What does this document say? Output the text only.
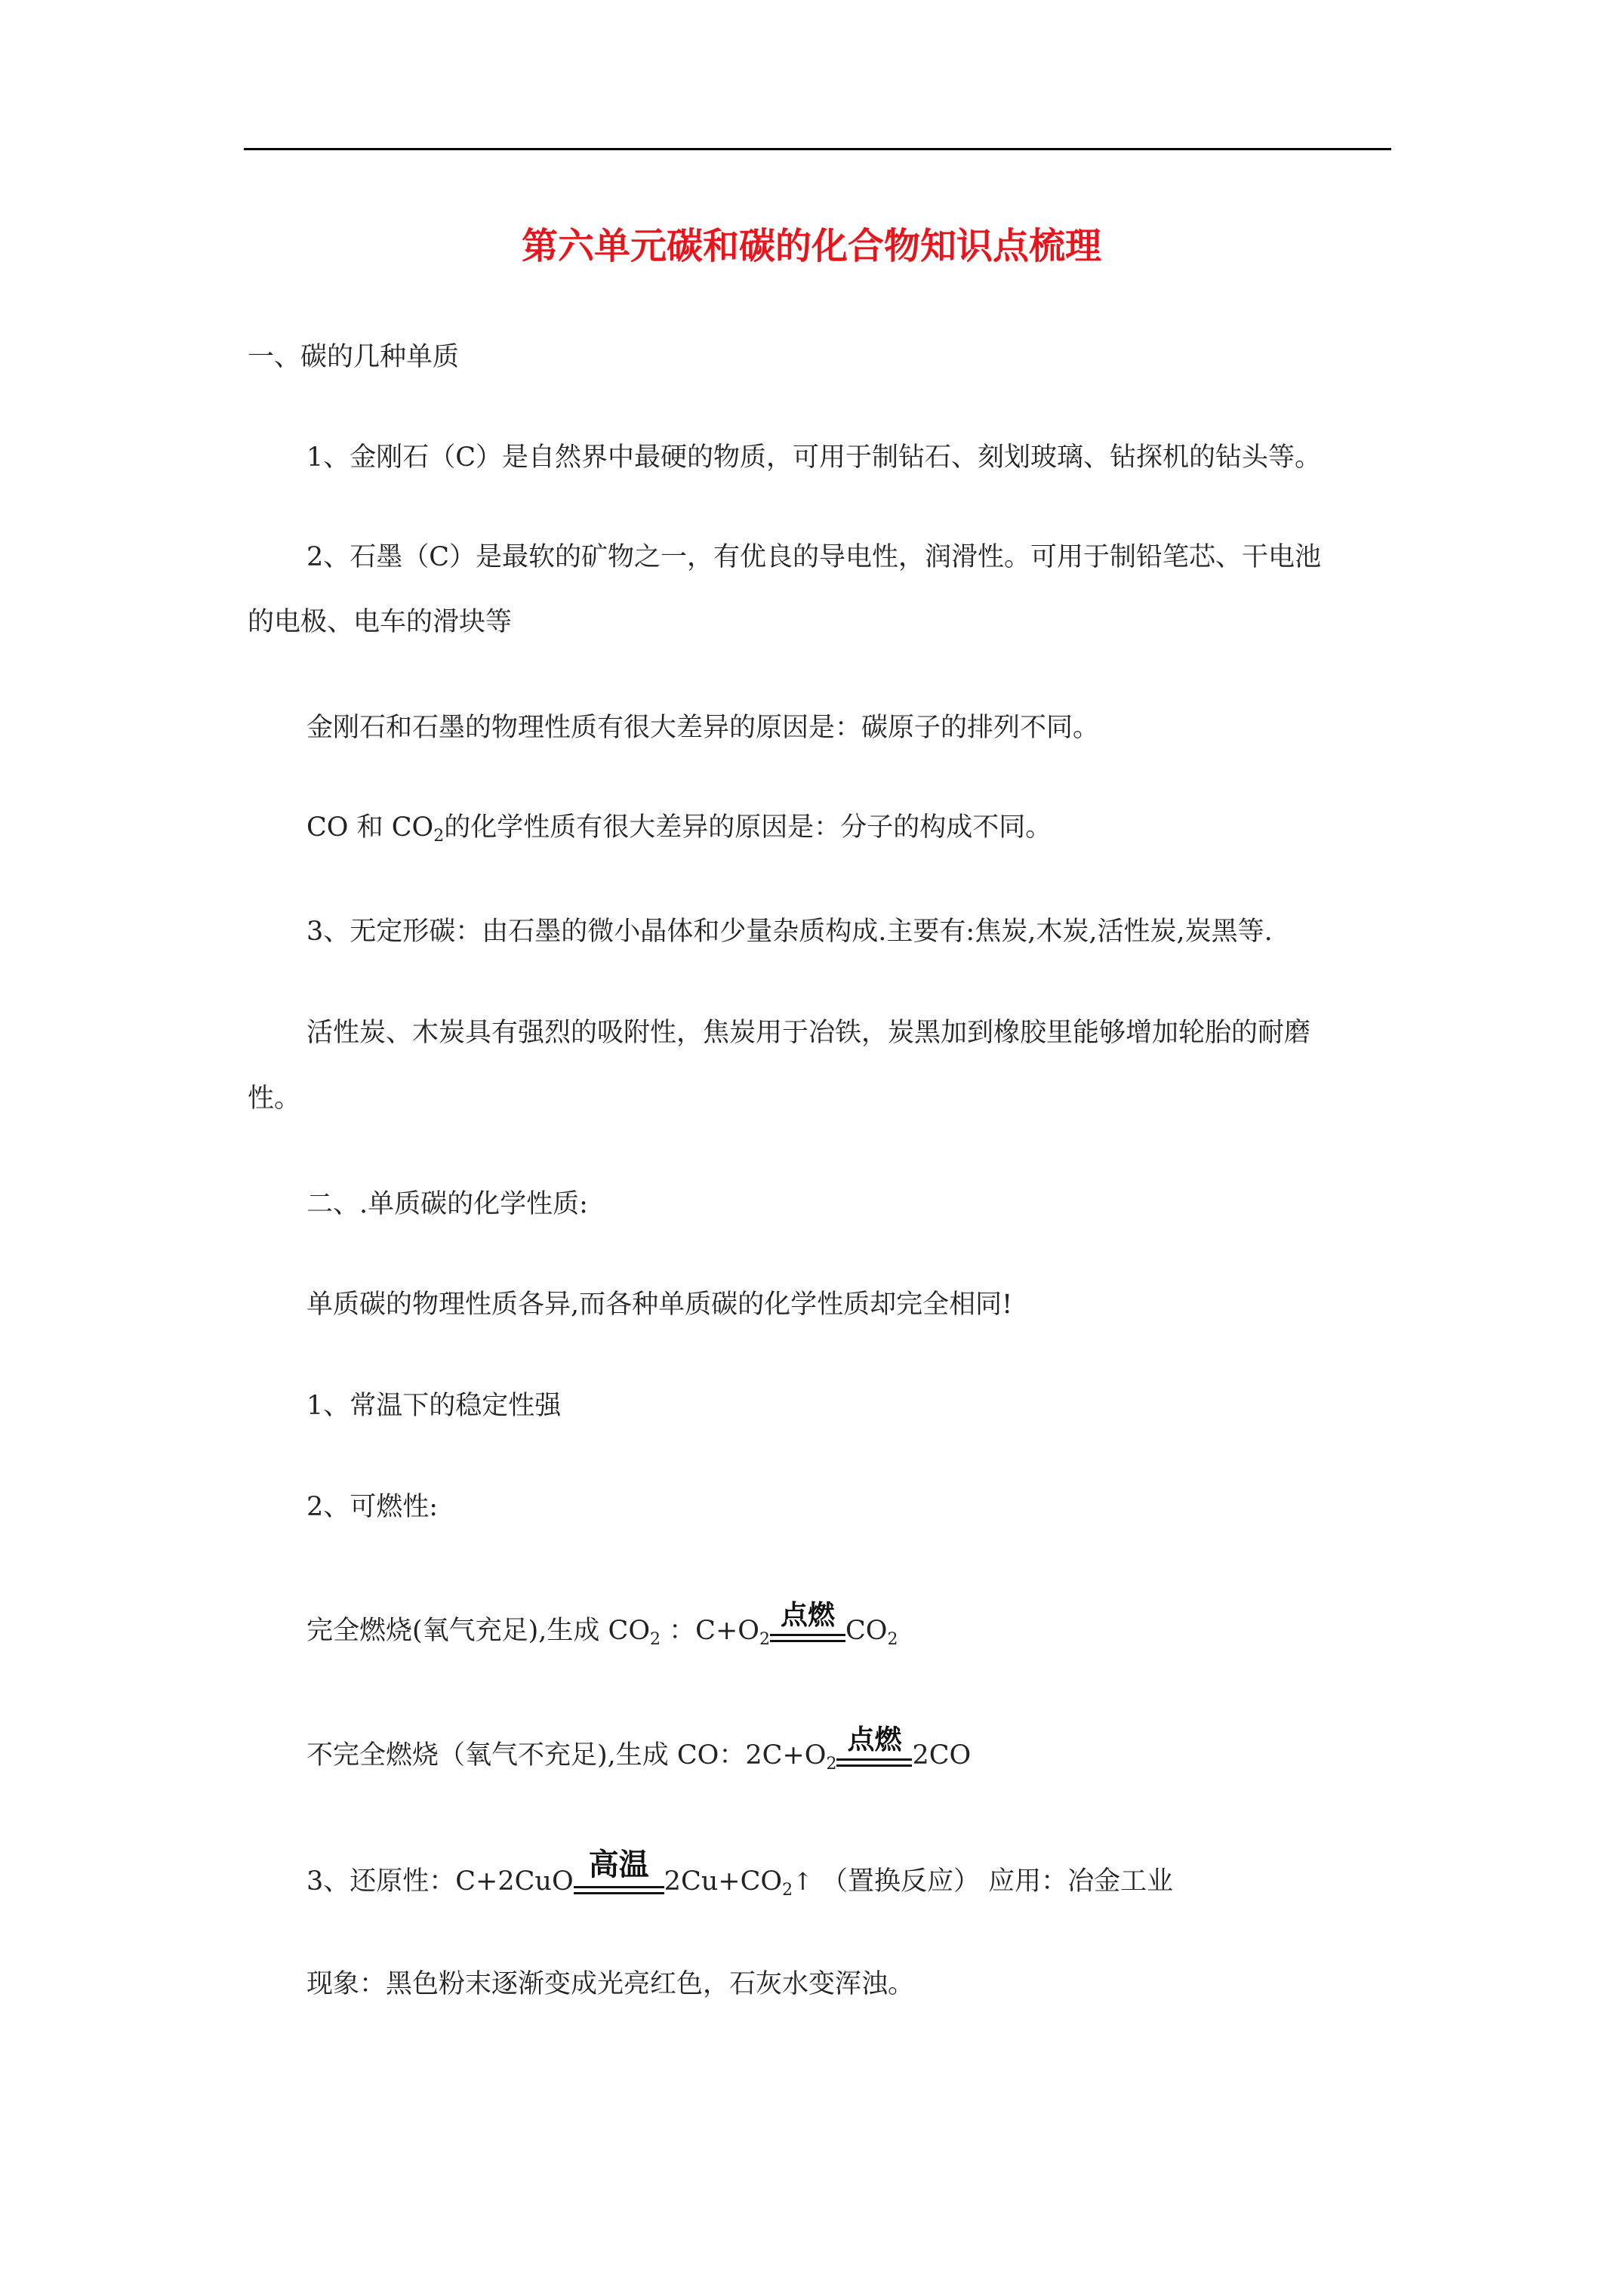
第六单元碳和碳的化合物知识点梳理
一、碳的几种单质
1、金刚石（C）是自然界中最硬的物质，可用于制钻石、刻划玻璃、钻探机的钻头等。
2、石墨（C）是最软的矿物之一，有优良的导电性，润滑性。可用于制铅笔芯、干电池
的电极、电车的滑块等
金刚石和石墨的物理性质有很大差异的原因是：碳原子的排列不同。
CO 和 $CO_2$的化学性质有很大差异的原因是：分子的构成不同。
3、无定形碳：由石墨的微小晶体和少量杂质构成.主要有:焦炭,木炭,活性炭,炭黑等.
活性炭、木炭具有强烈的吸附性，焦炭用于冶铁，炭黑加到橡胶里能够增加轮胎的耐磨
性。
二、.单质碳的化学性质:
单质碳的物理性质各异,而各种单质碳的化学性质却完全相同!
1、常温下的稳定性强
2、可燃性:
完全燃烧(氧气充足),生成 $CO_2$ ：$C+O_2$
点燃 $CO_2$
不完全燃烧（氧气不充足),生成 CO：$2C+O_2$
点燃 2CO
3、还原性：C+2CuO 高温 $2Cu+CO_2↑$ （置换反应） 应用：冶金工业
现象：黑色粉末逐渐变成光亮红色，石灰水变浑浊。
